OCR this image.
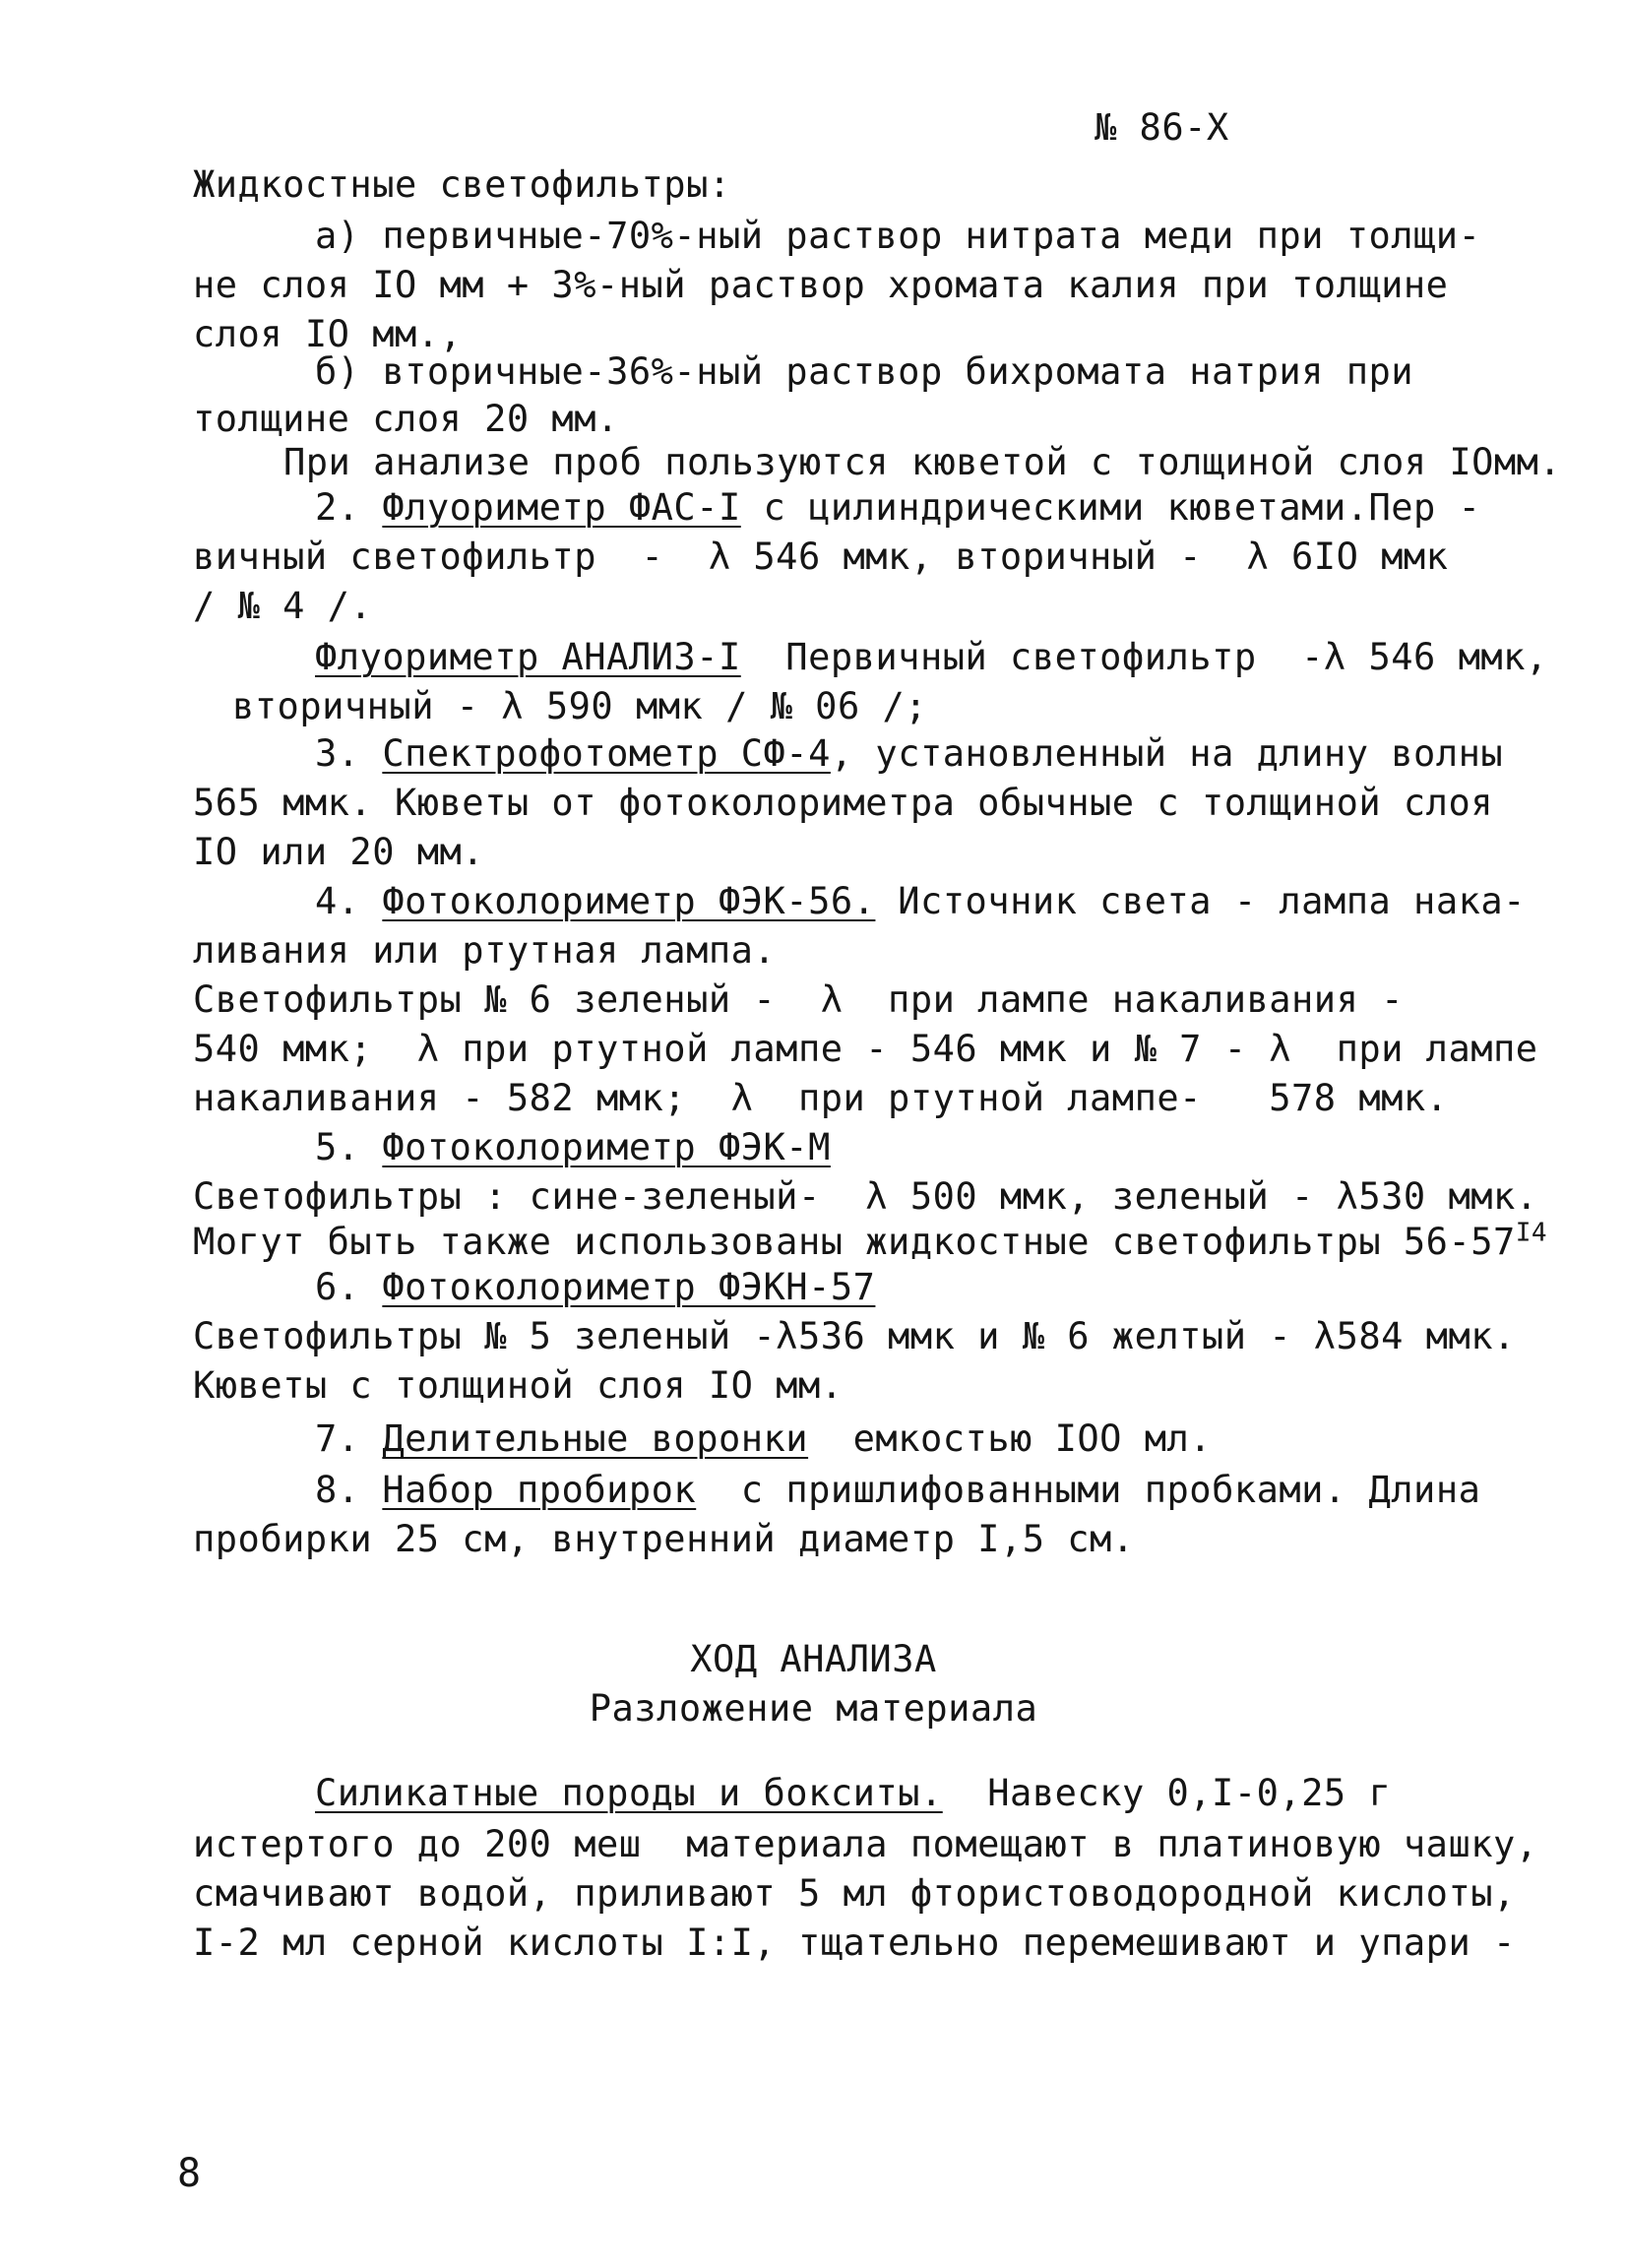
№ 86-Х
Жидкостные светофильтры:
а) первичные-70%-ный раствор нитрата меди при толщи-
не слоя IO мм + 3%-ный раствор хромата калия при толщине
слоя IO мм.,
б) вторичные-36%-ный раствор бихромата натрия при
толщине слоя 20 мм.
При анализе проб пользуются кюветой с толщиной слоя IOмм.
2. Флуориметр ФАС-I с цилиндрическими кюветами.Пер -
вичный светофильтр  -  λ 546 ммк, вторичный -  λ 6IO ммк
/ № 4 /.
Флуориметр АНАЛИЗ-I  Первичный светофильтр  -λ 546 ммк,
вторичный - λ 590 ммк / № 06 /;
3. Спектрофотометр СФ-4, установленный на длину волны
565 ммк. Кюветы от фотоколориметра обычные с толщиной слоя
IO или 20 мм.
4. Фотоколориметр ФЭК-56. Источник света - лампа нака-
ливания или ртутная лампа.
Светофильтры № 6 зеленый -  λ  при лампе накаливания -
540 ммк;  λ при ртутной лампе - 546 ммк и № 7 - λ  при лампе
накаливания - 582 ммк;  λ  при ртутной лампе-   578 ммк.
5. Фотоколориметр ФЭК-М
Светофильтры : сине-зеленый-  λ 500 ммк, зеленый - λ530 ммк.
Могут быть также использованы жидкостные светофильтры $56-57^{I4}$
6. Фотоколориметр ФЭКН-57
Светофильтры № 5 зеленый -λ536 ммк и № 6 желтый - λ584 ммк.
Кюветы с толщиной слоя IO мм.
7. Делительные воронки  емкостью IOO мл.
8. Набор пробирок  с пришлифованными пробками. Длина
пробирки 25 см, внутренний диаметр I,5 см.
ХОД АНАЛИЗА
Разложение материала
Силикатные породы и бокситы.  Навеску 0,I-0,25 г
истертого до 200 меш  материала помещают в платиновую чашку,
смачивают водой, приливают 5 мл фтористоводородной кислоты,
I-2 мл серной кислоты I:I, тщательно перемешивают и упари -
8
